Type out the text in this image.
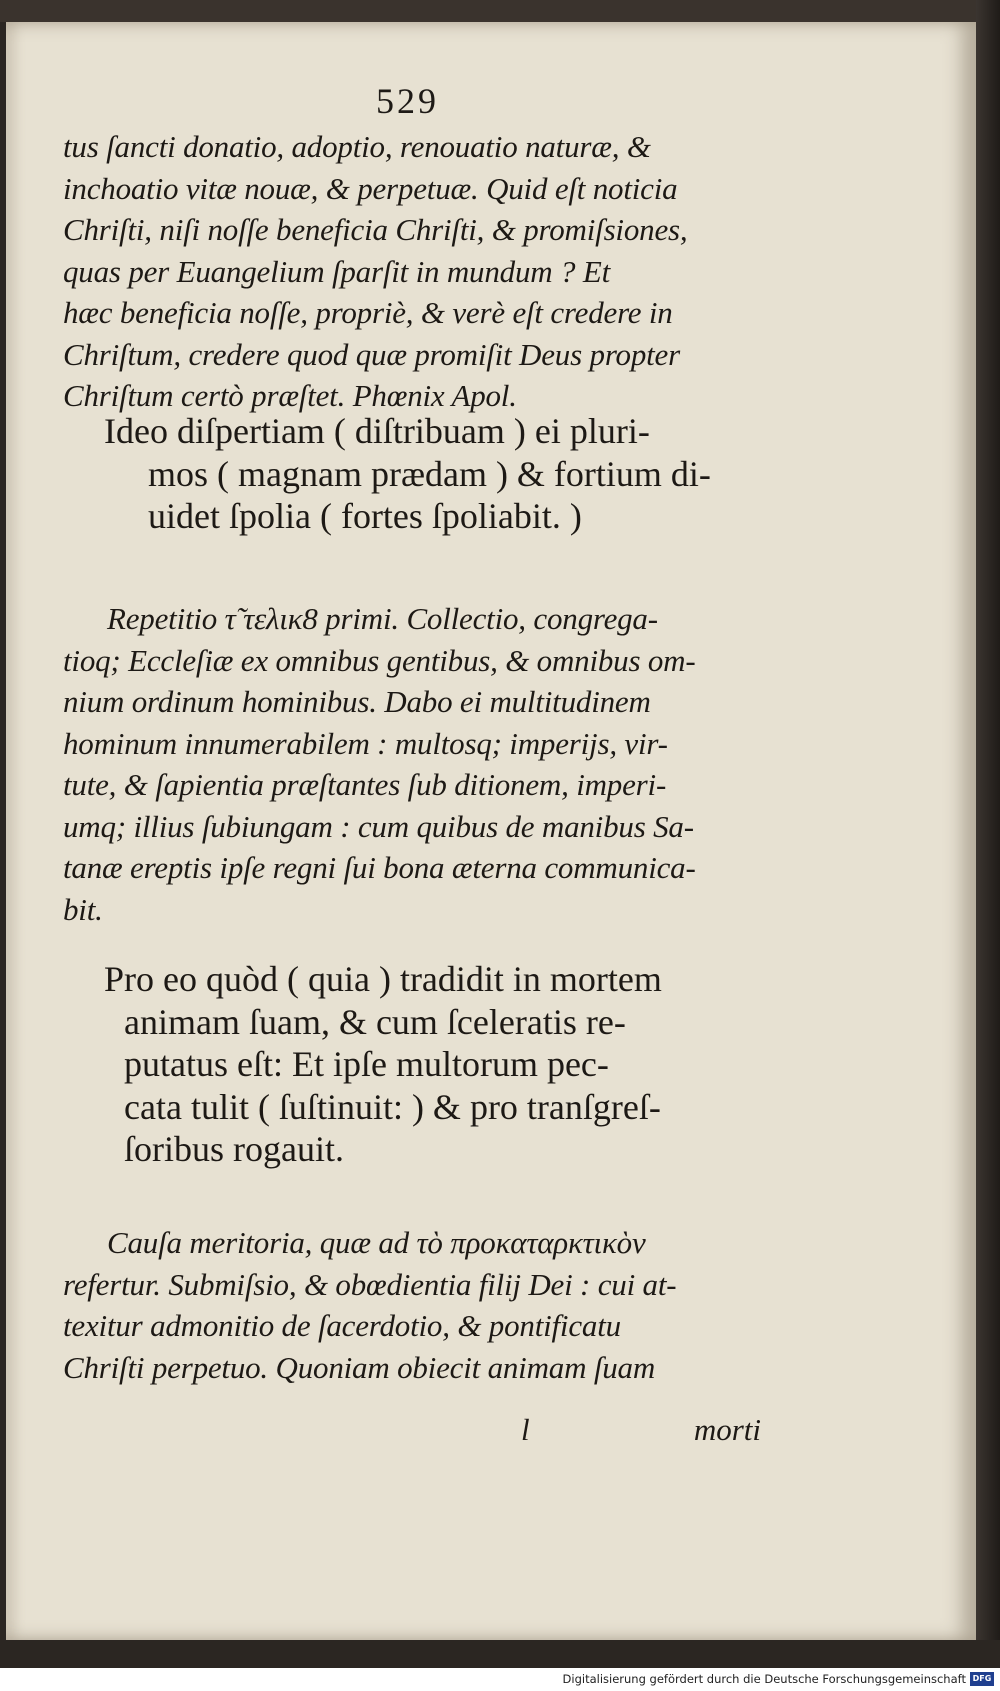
529
tus ſancti donatio, adoptio, renouatio naturæ, &
inchoatio vitæ nouæ, & perpetuæ. Quid eſt noticia
Chriſti, niſi noſſe beneficia Chriſti, & promiſsiones,
quas per Euangelium ſparſit in mundum ? Et
hæc beneficia noſſe, propriè, & verè eſt credere in
Chriſtum, credere quod quæ promiſit Deus propter
Chriſtum certò præſtet. Phœnix Apol.
Ideo diſpertiam ( diſtribuam ) ei pluri-
mos ( magnam prædam ) & fortium di-
uidet ſpolia ( fortes ſpoliabit. )
Repetitio τ̃ τελικ8 primi. Collectio, congrega-
tioq; Eccleſiæ ex omnibus gentibus, & omnibus om-
nium ordinum hominibus. Dabo ei multitudinem
hominum innumerabilem : multosq; imperijs, vir-
tute, & ſapientia præſtantes ſub ditionem, imperi-
umq; illius ſubiungam : cum quibus de manibus Sa-
tanæ ereptis ipſe regni ſui bona æterna communica-
bit.
Pro eo quòd ( quia ) tradidit in mortem
animam ſuam, & cum ſceleratis re-
putatus eſt: Et ipſe multorum pec-
cata tulit ( ſuſtinuit: ) & pro tranſgreſ-
ſoribus rogauit.
Cauſa meritoria, quæ ad τὸ προκαταρκτικὸν
refertur. Submiſsio, & obœdientia filij Dei : cui at-
texitur admonitio de ſacerdotio, & pontificatu
Chriſti perpetuo. Quoniam obiecit animam ſuam
l	morti
Digitalisierung gefördert durch die Deutsche Forschungsgemeinschaft DFG
